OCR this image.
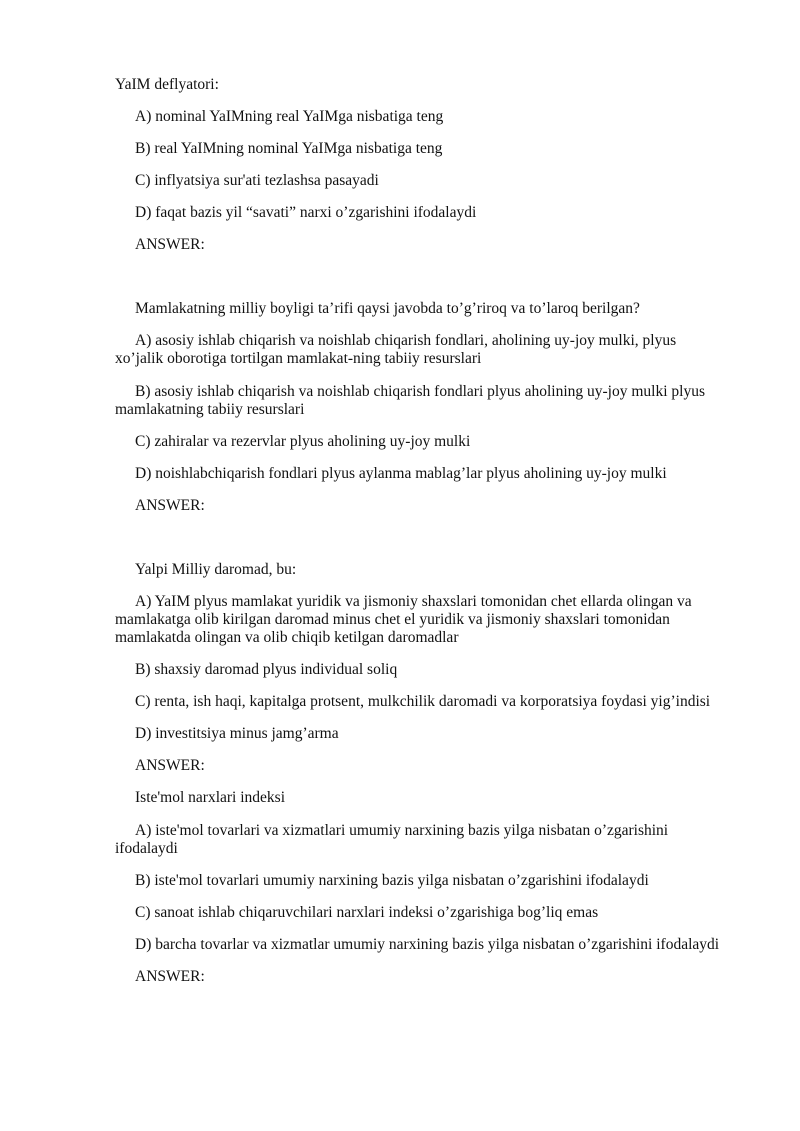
YaIM deflyatori:
A) nominal YaIMning real YaIMga nisbatiga teng
B) real YaIMning nominal YaIMga nisbatiga teng
C) inflyatsiya sur'ati tezlashsa pasayadi
D) faqat bazis yil “savati” narxi o’zgarishini ifodalaydi
ANSWER:
Mamlakatning milliy boyligi ta’rifi qaysi javobda to’g’riroq va to’laroq berilgan?
A) asosiy ishlab chiqarish va noishlab chiqarish fondlari, aholining uy-joy mulki, plyus
xo’jalik oborotiga tortilgan mamlakat-ning tabiiy resurslari
B) asosiy ishlab chiqarish va noishlab chiqarish fondlari plyus aholining uy-joy mulki plyus
mamlakatning tabiiy resurslari
C) zahiralar va rezervlar plyus aholining uy-joy mulki
D) noishlabchiqarish fondlari plyus aylanma mablag’lar plyus aholining uy-joy mulki
ANSWER:
Yalpi Milliy daromad, bu:
A) YaIM plyus mamlakat yuridik va jismoniy shaxslari tomonidan chet ellarda olingan va
mamlakatga olib kirilgan daromad minus chet el yuridik va jismoniy shaxslari tomonidan
mamlakatda olingan va olib chiqib ketilgan daromadlar
B) shaxsiy daromad plyus individual soliq
C) renta, ish haqi, kapitalga protsent, mulkchilik daromadi va korporatsiya foydasi yig’indisi
D) investitsiya minus jamg’arma
ANSWER:
Iste'mol narxlari indeksi
A) iste'mol tovarlari va xizmatlari umumiy narxining bazis yilga nisbatan o’zgarishini
ifodalaydi
B) iste'mol tovarlari umumiy narxining bazis yilga nisbatan o’zgarishini ifodalaydi
C) sanoat ishlab chiqaruvchilari narxlari indeksi o’zgarishiga bog’liq emas
D) barcha tovarlar va xizmatlar umumiy narxining bazis yilga nisbatan o’zgarishini ifodalaydi
ANSWER:
